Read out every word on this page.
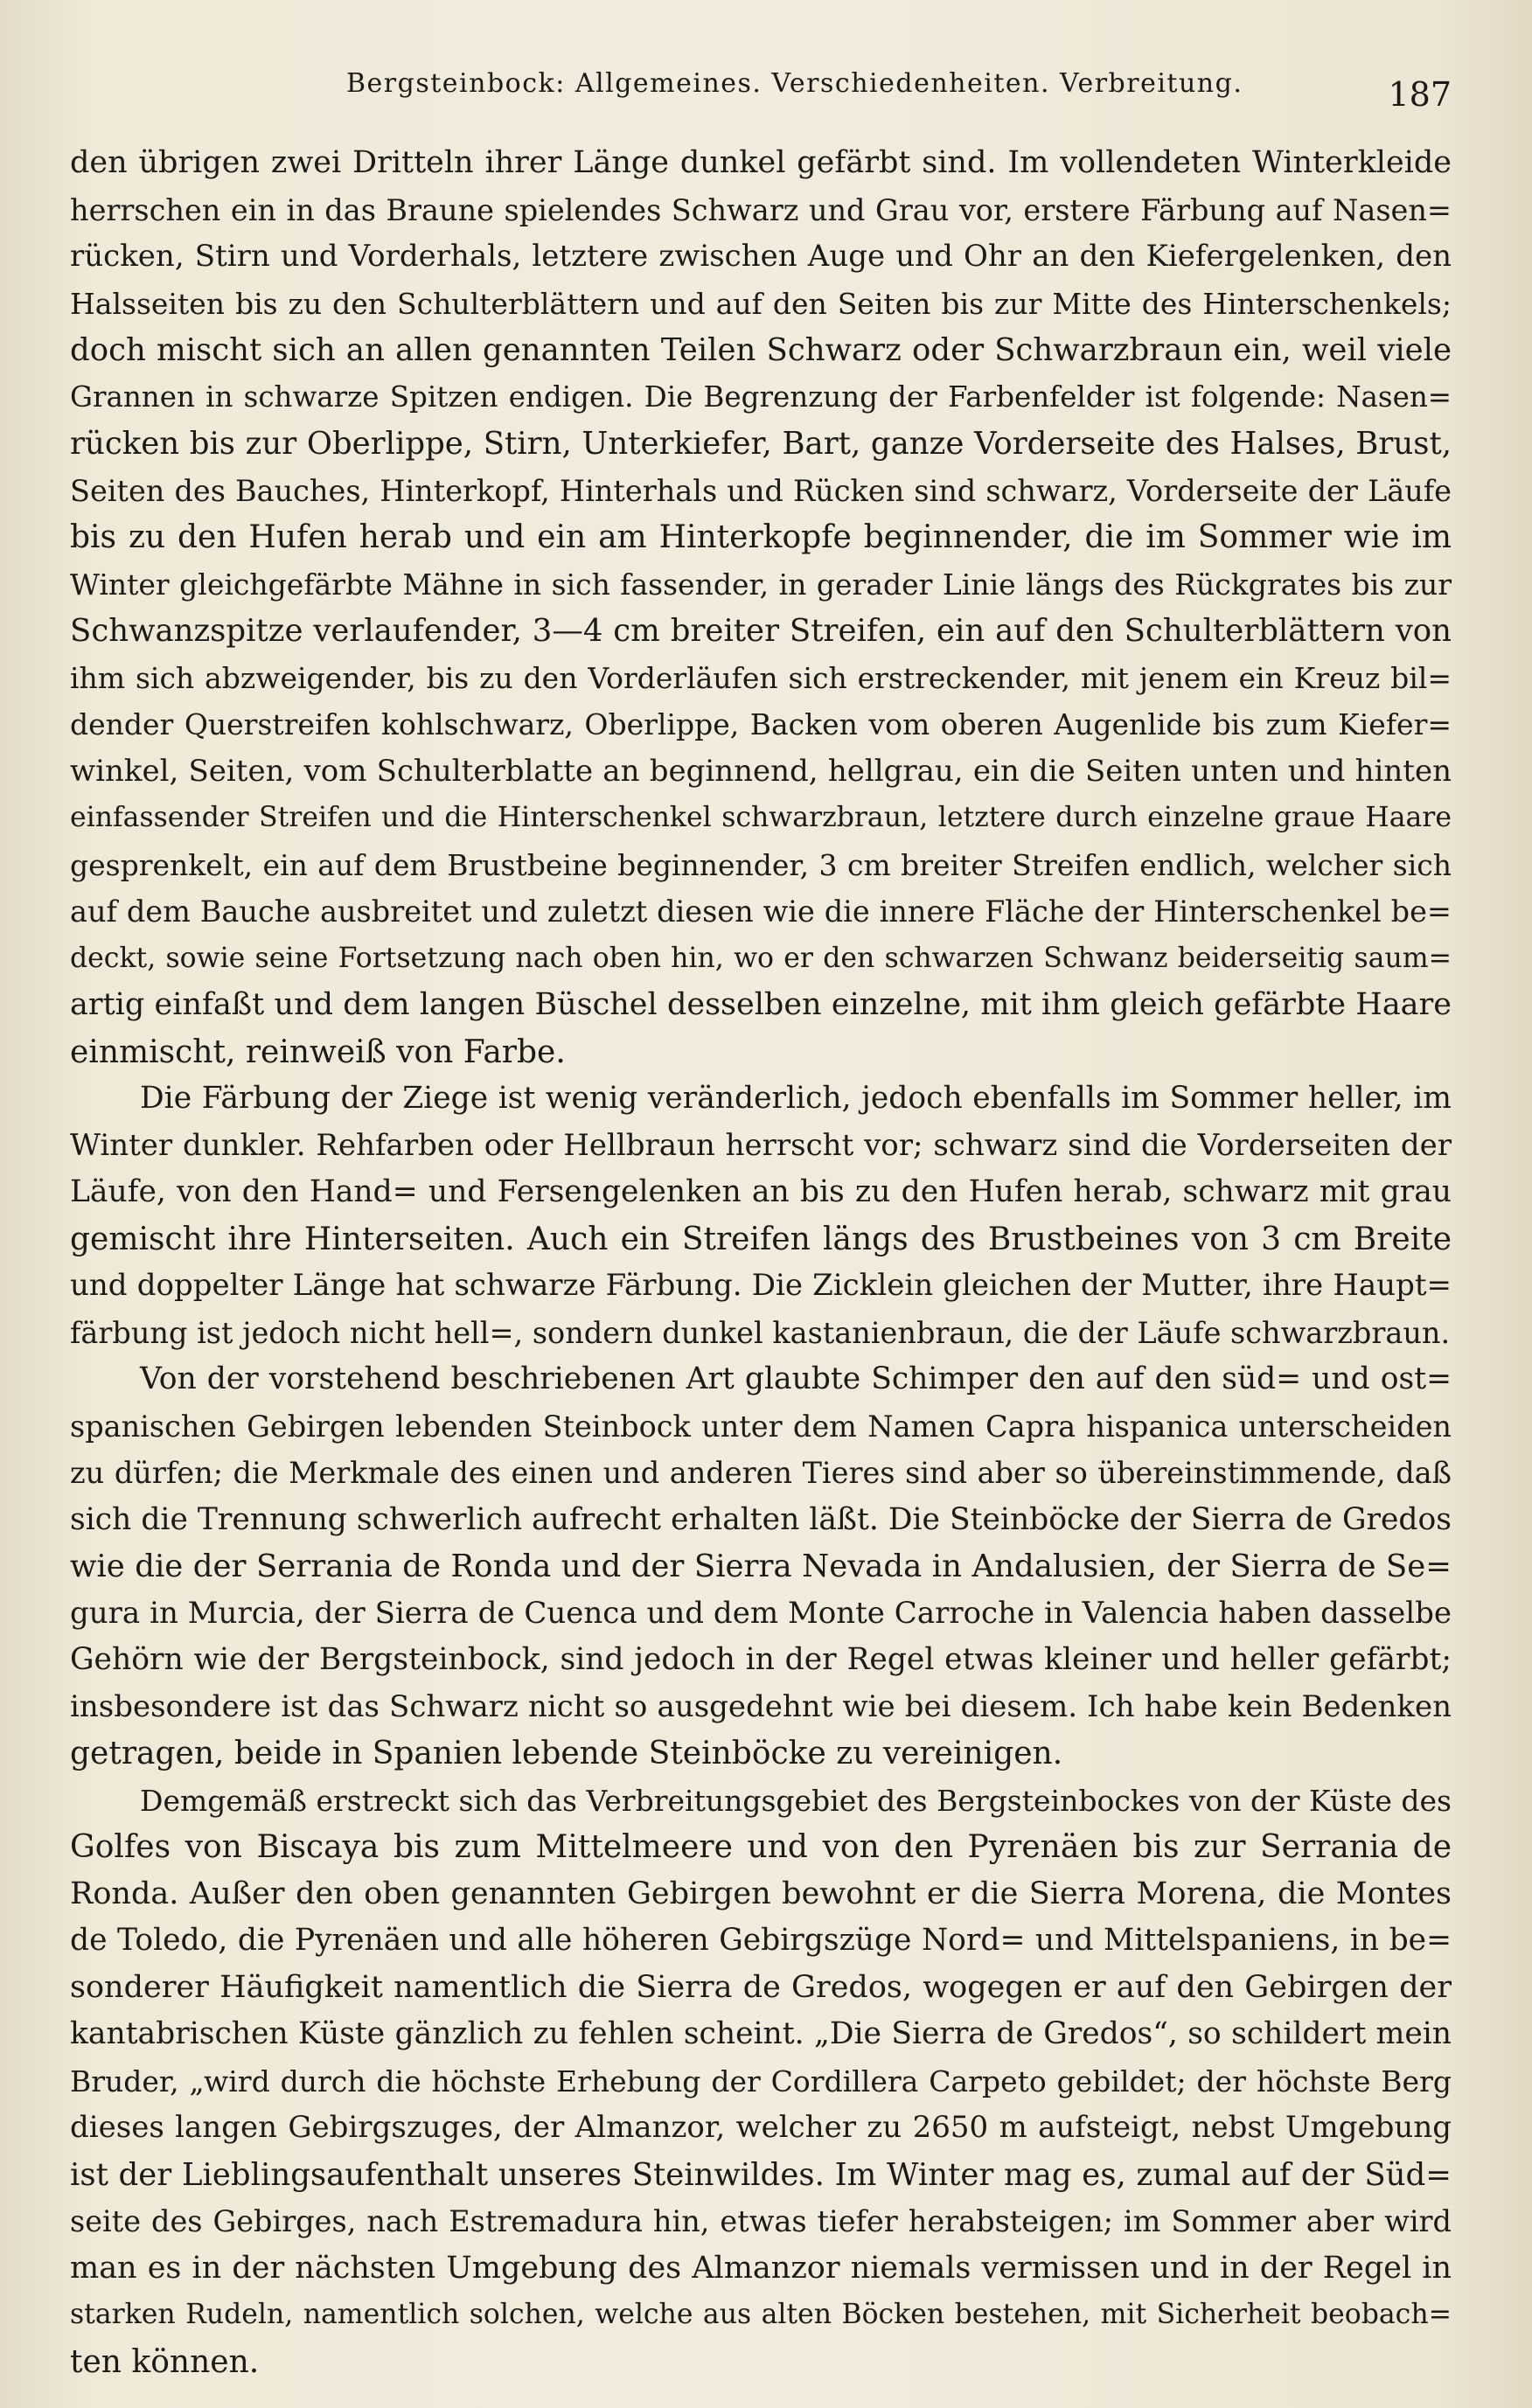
Bergsteinbock: Allgemeines. Verschiedenheiten. Verbreitung.	187
den übrigen zwei Dritteln ihrer Länge dunkel gefärbt sind. Im vollendeten Winterkleide
herrschen ein in das Braune spielendes Schwarz und Grau vor, erstere Färbung auf Nasen=
rücken, Stirn und Vorderhals, letztere zwischen Auge und Ohr an den Kiefergelenken, den
Halsseiten bis zu den Schulterblättern und auf den Seiten bis zur Mitte des Hinterschenkels;
doch mischt sich an allen genannten Teilen Schwarz oder Schwarzbraun ein, weil viele
Grannen in schwarze Spitzen endigen. Die Begrenzung der Farbenfelder ist folgende: Nasen=
rücken bis zur Oberlippe, Stirn, Unterkiefer, Bart, ganze Vorderseite des Halses, Brust,
Seiten des Bauches, Hinterkopf, Hinterhals und Rücken sind schwarz, Vorderseite der Läufe
bis zu den Hufen herab und ein am Hinterkopfe beginnender, die im Sommer wie im
Winter gleichgefärbte Mähne in sich fassender, in gerader Linie längs des Rückgrates bis zur
Schwanzspitze verlaufender, 3—4 cm breiter Streifen, ein auf den Schulterblättern von
ihm sich abzweigender, bis zu den Vorderläufen sich erstreckender, mit jenem ein Kreuz bil=
dender Querstreifen kohlschwarz, Oberlippe, Backen vom oberen Augenlide bis zum Kiefer=
winkel, Seiten, vom Schulterblatte an beginnend, hellgrau, ein die Seiten unten und hinten
einfassender Streifen und die Hinterschenkel schwarzbraun, letztere durch einzelne graue Haare
gesprenkelt, ein auf dem Brustbeine beginnender, 3 cm breiter Streifen endlich, welcher sich
auf dem Bauche ausbreitet und zuletzt diesen wie die innere Fläche der Hinterschenkel be=
deckt, sowie seine Fortsetzung nach oben hin, wo er den schwarzen Schwanz beiderseitig saum=
artig einfaßt und dem langen Büschel desselben einzelne, mit ihm gleich gefärbte Haare
einmischt, reinweiß von Farbe.
Die Färbung der Ziege ist wenig veränderlich, jedoch ebenfalls im Sommer heller, im
Winter dunkler. Rehfarben oder Hellbraun herrscht vor; schwarz sind die Vorderseiten der
Läufe, von den Hand= und Fersengelenken an bis zu den Hufen herab, schwarz mit grau
gemischt ihre Hinterseiten. Auch ein Streifen längs des Brustbeines von 3 cm Breite
und doppelter Länge hat schwarze Färbung. Die Zicklein gleichen der Mutter, ihre Haupt=
färbung ist jedoch nicht hell=, sondern dunkel kastanienbraun, die der Läufe schwarzbraun.
Von der vorstehend beschriebenen Art glaubte Schimper den auf den süd= und ost=
spanischen Gebirgen lebenden Steinbock unter dem Namen Capra hispanica unterscheiden
zu dürfen; die Merkmale des einen und anderen Tieres sind aber so übereinstimmende, daß
sich die Trennung schwerlich aufrecht erhalten läßt. Die Steinböcke der Sierra de Gredos
wie die der Serrania de Ronda und der Sierra Nevada in Andalusien, der Sierra de Se=
gura in Murcia, der Sierra de Cuenca und dem Monte Carroche in Valencia haben dasselbe
Gehörn wie der Bergsteinbock, sind jedoch in der Regel etwas kleiner und heller gefärbt;
insbesondere ist das Schwarz nicht so ausgedehnt wie bei diesem. Ich habe kein Bedenken
getragen, beide in Spanien lebende Steinböcke zu vereinigen.
Demgemäß erstreckt sich das Verbreitungsgebiet des Bergsteinbockes von der Küste des
Golfes von Biscaya bis zum Mittelmeere und von den Pyrenäen bis zur Serrania de
Ronda. Außer den oben genannten Gebirgen bewohnt er die Sierra Morena, die Montes
de Toledo, die Pyrenäen und alle höheren Gebirgszüge Nord= und Mittelspaniens, in be=
sonderer Häufigkeit namentlich die Sierra de Gredos, wogegen er auf den Gebirgen der
kantabrischen Küste gänzlich zu fehlen scheint. „Die Sierra de Gredos“, so schildert mein
Bruder, „wird durch die höchste Erhebung der Cordillera Carpeto gebildet; der höchste Berg
dieses langen Gebirgszuges, der Almanzor, welcher zu 2650 m aufsteigt, nebst Umgebung
ist der Lieblingsaufenthalt unseres Steinwildes. Im Winter mag es, zumal auf der Süd=
seite des Gebirges, nach Estremadura hin, etwas tiefer herabsteigen; im Sommer aber wird
man es in der nächsten Umgebung des Almanzor niemals vermissen und in der Regel in
starken Rudeln, namentlich solchen, welche aus alten Böcken bestehen, mit Sicherheit beobach=
ten können.
